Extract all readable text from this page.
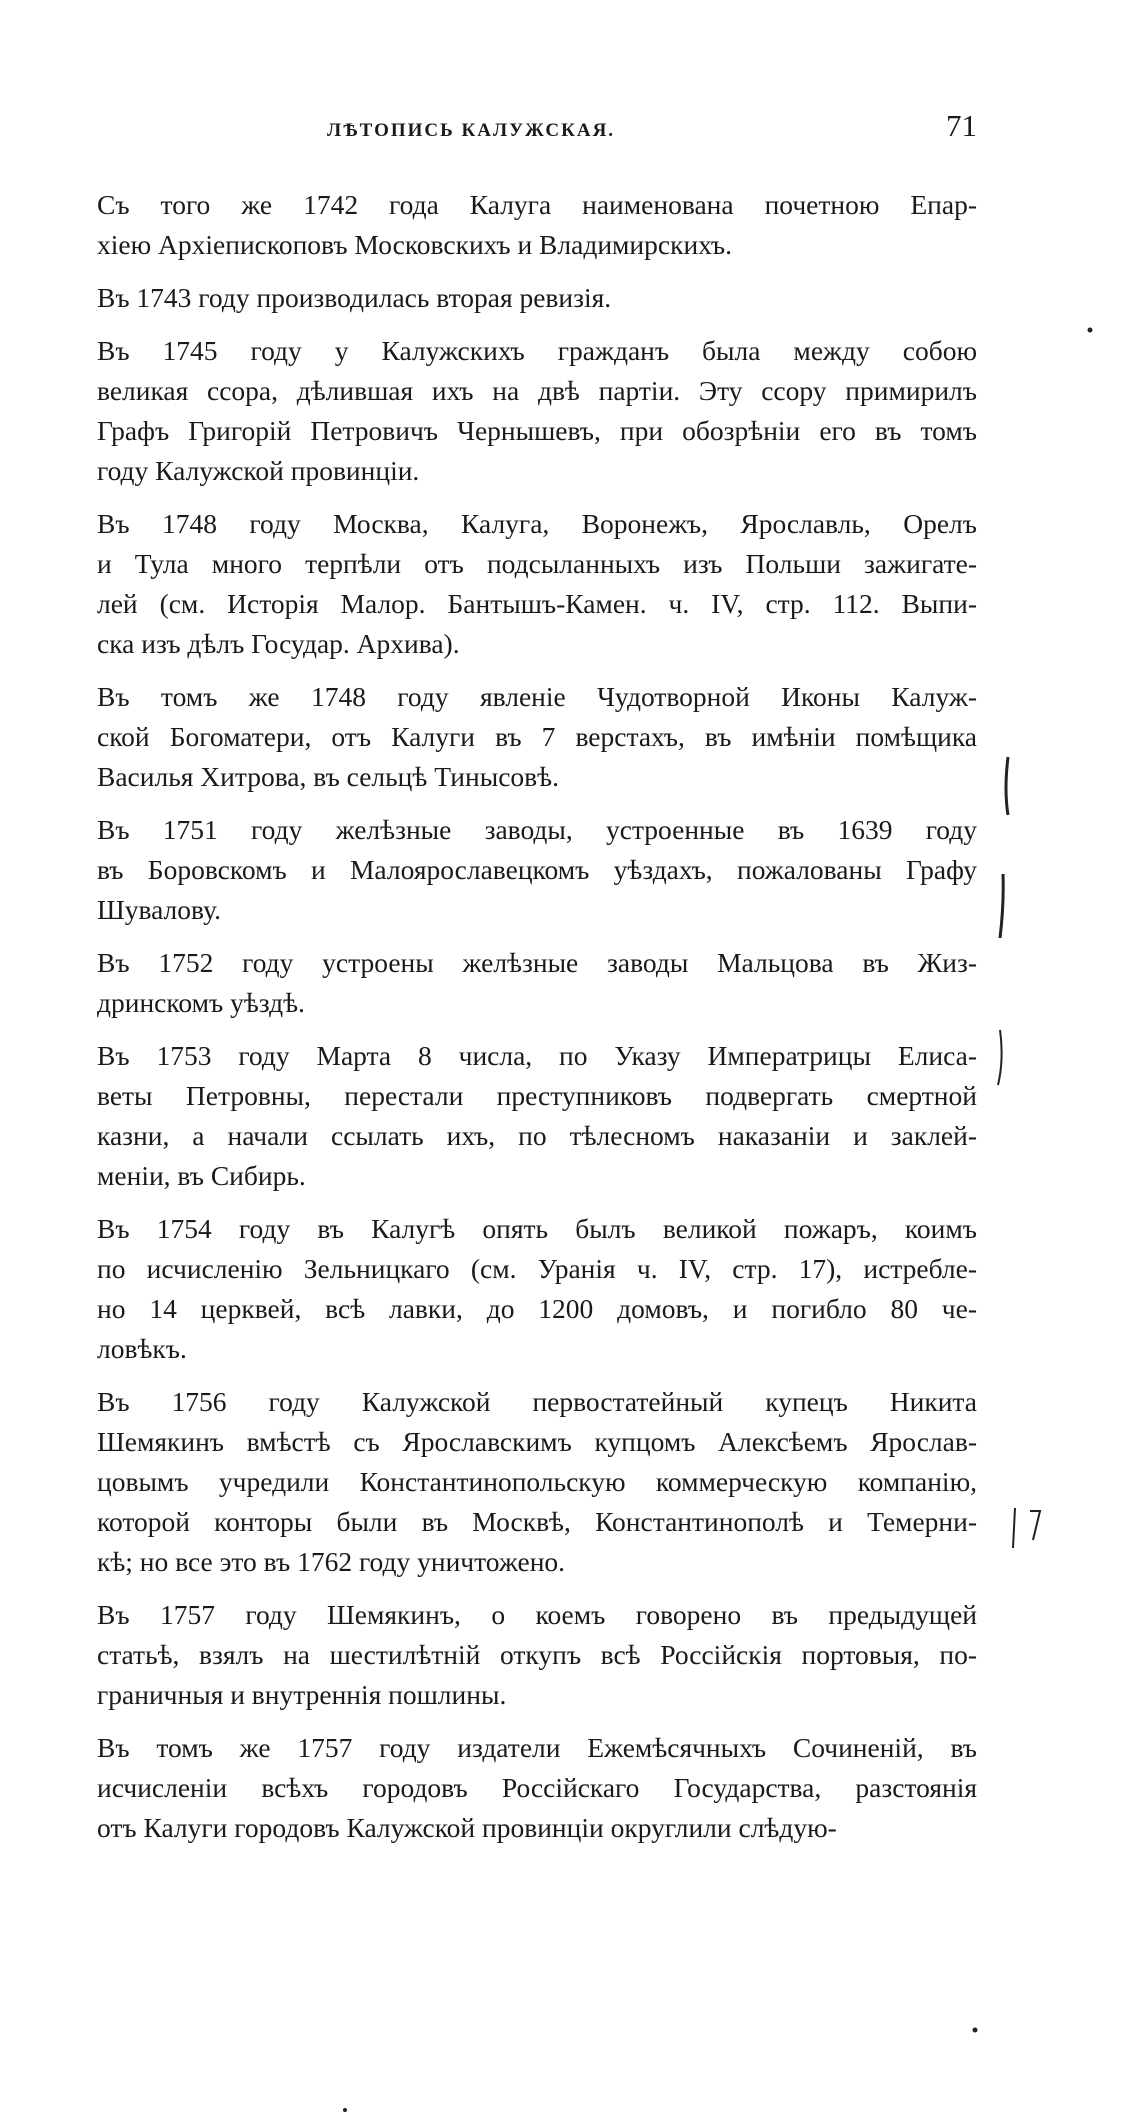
ЛѢТОПИСЬ КАЛУЖСКАЯ.	71
Съ того же 1742 года Калуга наименована почетною Епар-
хіею Архіепископовъ Московскихъ и Владимирскихъ.
Въ 1743 году производилась вторая ревизія.
Въ 1745 году у Калужскихъ гражданъ была между собою
великая ссора, дѣлившая ихъ на двѣ партіи. Эту ссору примирилъ
Графъ Григорій Петровичъ Чернышевъ, при обозрѣніи его въ томъ
году Калужской провинціи.
Въ 1748 году Москва, Калуга, Воронежъ, Ярославль, Орелъ
и Тула много терпѣли отъ подсыланныхъ изъ Польши зажигате-
лей (см. Исторія Малор. Бантышъ-Камен. ч. IV, стр. 112. Выпи-
ска изъ дѣлъ Государ. Архива).
Въ томъ же 1748 году явленіе Чудотворной Иконы Калуж-
ской Богоматери, отъ Калуги въ 7 верстахъ, въ имѣніи помѣщика
Василья Хитрова, въ сельцѣ Тинысовѣ.
Въ 1751 году желѣзные заводы, устроенные въ 1639 году
въ Боровскомъ и Малоярославецкомъ уѣздахъ, пожалованы Графу
Шувалову.
Въ 1752 году устроены желѣзные заводы Мальцова въ Жиз-
дринскомъ уѣздѣ.
Въ 1753 году Марта 8 числа, по Указу Императрицы Елиса-
веты Петровны, перестали преступниковъ подвергать смертной
казни, а начали ссылать ихъ, по тѣлесномъ наказаніи и заклей-
меніи, въ Сибирь.
Въ 1754 году въ Калугѣ опять былъ великой пожаръ, коимъ
по исчисленію Зельницкаго (см. Уранія ч. IV, стр. 17), истребле-
но 14 церквей, всѣ лавки, до 1200 домовъ, и погибло 80 че-
ловѣкъ.
Въ 1756 году Калужской первостатейный купецъ Никита
Шемякинъ вмѣстѣ съ Ярославскимъ купцомъ Алексѣемъ Ярослав-
цовымъ учредили Константинопольскую коммерческую компанію,
которой конторы были въ Москвѣ, Константинополѣ и Темерни-
кѣ; но все это въ 1762 году уничтожено.
Въ 1757 году Шемякинъ, о коемъ говорено въ предыдущей
статьѣ, взялъ на шестилѣтній откупъ всѣ Россійскія портовыя, по-
граничныя и внутреннія пошлины.
Въ томъ же 1757 году издатели Ежемѣсячныхъ Сочиненій, въ
исчисленіи всѣхъ городовъ Россійскаго Государства, разстоянія
отъ Калуги городовъ Калужской провинціи округлили слѣдую-
